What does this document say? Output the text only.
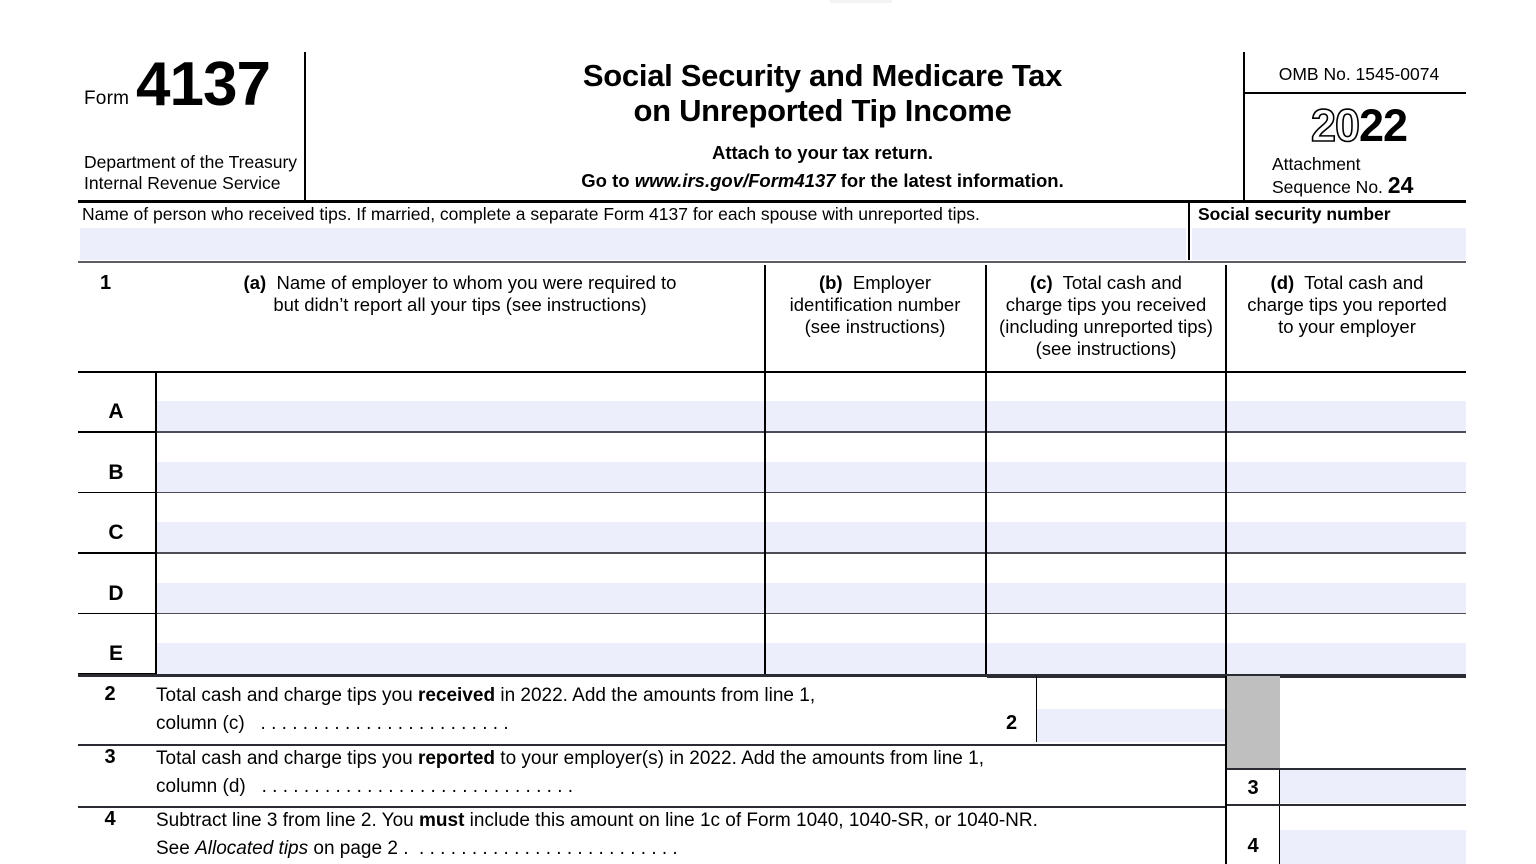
Form 4137
Department of the Treasury
Internal Revenue Service
Social Security and Medicare Tax
on Unreported Tip Income
Attach to your tax return.
Go to www.irs.gov/Form4137 for the latest information.
OMB No. 1545-0074
2022
Attachment
Sequence No. 24
Name of person who received tips. If married, complete a separate Form 4137 for each spouse with unreported tips.	Social security number
1	(a) Name of employer to whom you were required to
but didn’t report all your tips (see instructions)
(b) Employer
identification number
(see instructions)
(c) Total cash and
charge tips you received
(including unreported tips)
(see instructions)
(d) Total cash and
charge tips you reported
to your employer
A
B
C
D
E
2	Total cash and charge tips you received in 2022. Add the amounts from line 1,
column (c) . . . . . . . . . . . . . . . . . . . . . . . .	2
3	Total cash and charge tips you reported to your employer(s) in 2022. Add the amounts from line 1,
column (d) . . . . . . . . . . . . . . . . . . . . . . . . . . . . . .	3
4	Subtract line 3 from line 2. You must include this amount on line 1c of Form 1040, 1040-SR, or 1040-NR.
See Allocated tips on page 2 . . . . . . . . . . . . . . . . . . . . . . . . . .	4
